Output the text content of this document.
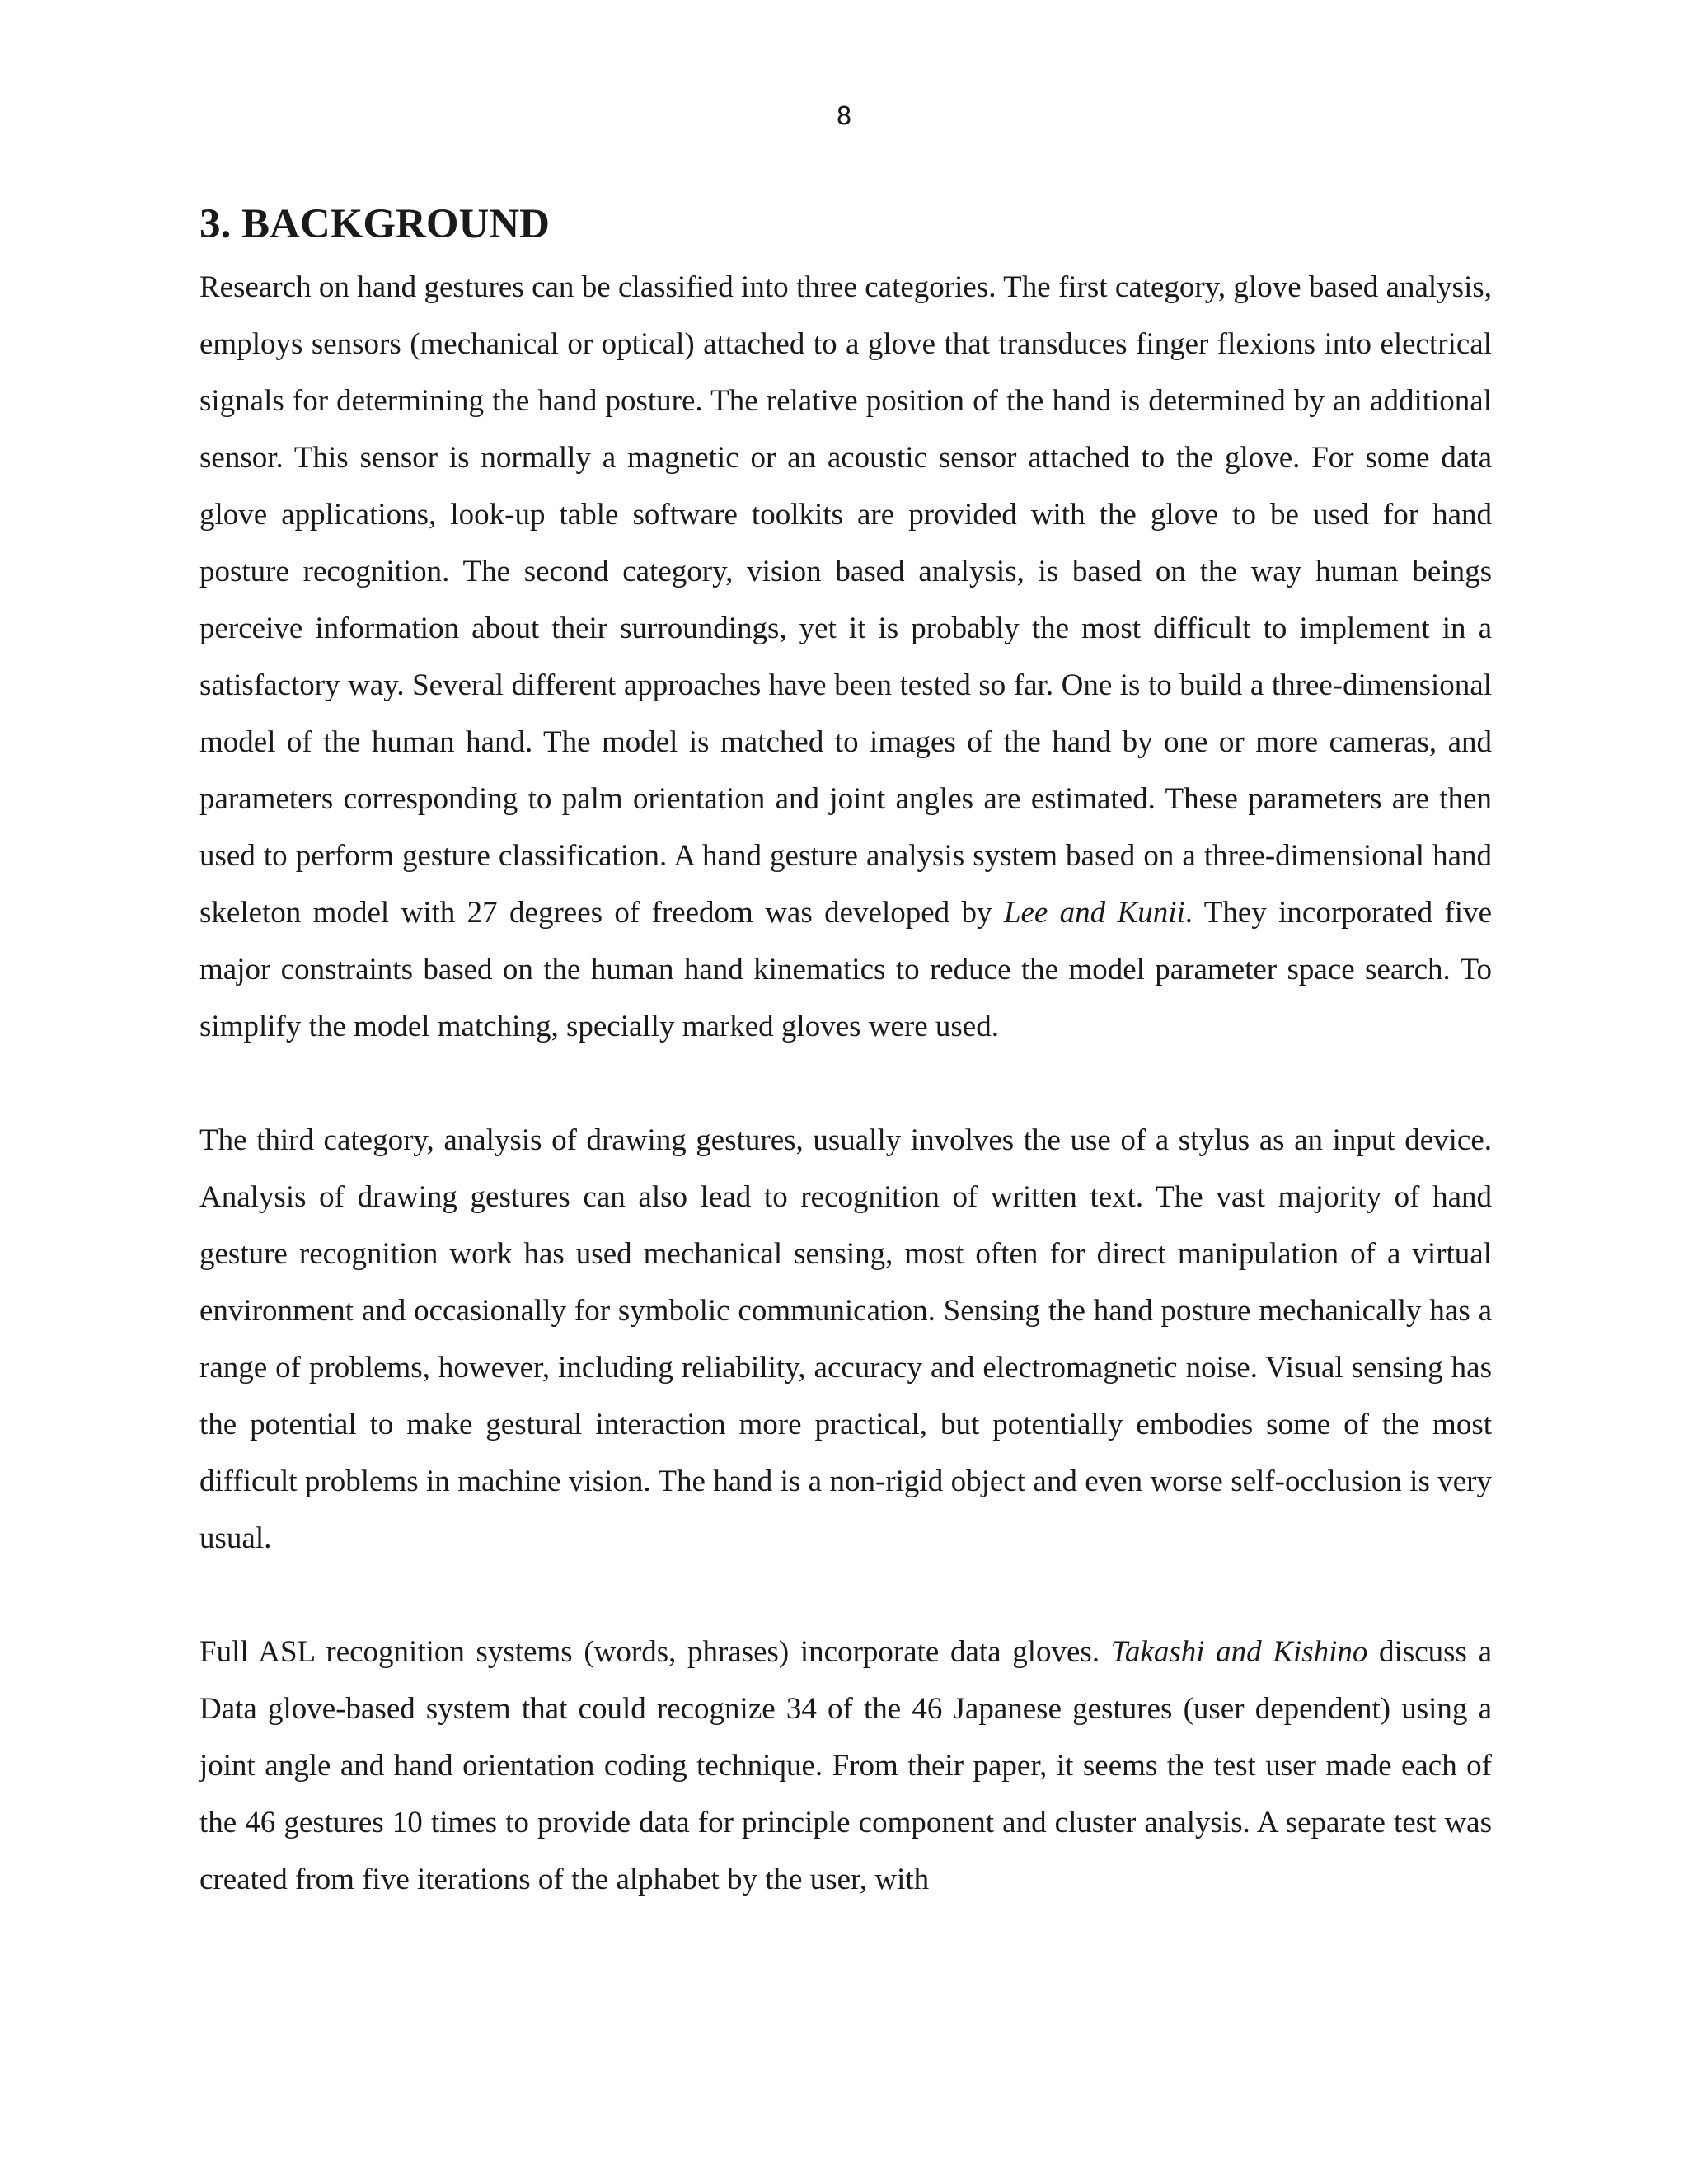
8
3. BACKGROUND

Research on hand gestures can be classified into three categories. The first category, glove based analysis, employs sensors (mechanical or optical) attached to a glove that transduces finger flexions into electrical signals for determining the hand posture. The relative position of the hand is determined by an additional sensor. This sensor is normally a magnetic or an acoustic sensor attached to the glove. For some data glove applications, look-up table software toolkits are provided with the glove to be used for hand posture recognition. The second category, vision based analysis, is based on the way human beings perceive information about their surroundings, yet it is probably the most difficult to implement in a satisfactory way. Several different approaches have been tested so far. One is to build a three-dimensional model of the human hand. The model is matched to images of the hand by one or more cameras, and parameters corresponding to palm orientation and joint angles are estimated. These parameters are then used to perform gesture classification. A hand gesture analysis system based on a three-dimensional hand skeleton model with 27 degrees of freedom was developed by Lee and Kunii. They incorporated five major constraints based on the human hand kinematics to reduce the model parameter space search. To simplify the model matching, specially marked gloves were used.

The third category, analysis of drawing gestures, usually involves the use of a stylus as an input device. Analysis of drawing gestures can also lead to recognition of written text. The vast majority of hand gesture recognition work has used mechanical sensing, most often for direct manipulation of a virtual environment and occasionally for symbolic communication. Sensing the hand posture mechanically has a range of problems, however, including reliability, accuracy and electromagnetic noise. Visual sensing has the potential to make gestural interaction more practical, but potentially embodies some of the most difficult problems in machine vision. The hand is a non-rigid object and even worse self-occlusion is very usual.

Full ASL recognition systems (words, phrases) incorporate data gloves. Takashi and Kishino discuss a Data glove-based system that could recognize 34 of the 46 Japanese gestures (user dependent) using a joint angle and hand orientation coding technique. From their paper, it seems the test user made each of the 46 gestures 10 times to provide data for principle component and cluster analysis. A separate test was created from five iterations of the alphabet by the user, with
